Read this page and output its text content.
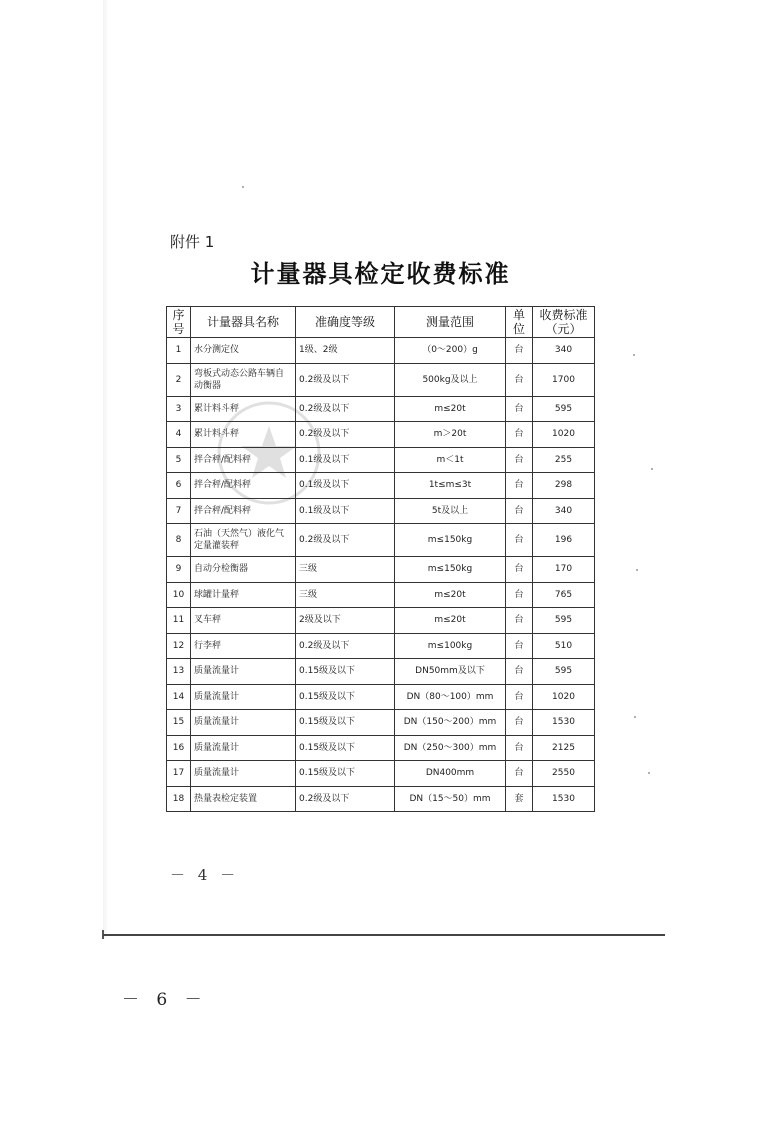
附件 1
计量器具检定收费标准
序号	计量器具名称	准确度等级	测量范围	单位	收费标准（元）
1	水分测定仪	1级、2级	（0～200）g	台	340
2	弯板式动态公路车辆自动衡器	0.2级及以下	500kg及以上	台	1700
3	累计料斗秤	0.2级及以下	m≤20t	台	595
4	累计料斗秤	0.2级及以下	m＞20t	台	1020
5	拌合秤/配料秤	0.1级及以下	m＜1t	台	255
6	拌合秤/配料秤	0.1级及以下	1t≤m≤3t	台	298
7	拌合秤/配料秤	0.1级及以下	5t及以上	台	340
8	石油（天然气）液化气定量灌装秤	0.2级及以下	m≤150kg	台	196
9	自动分检衡器	三级	m≤150kg	台	170
10	球罐计量秤	三级	m≤20t	台	765
11	叉车秤	2级及以下	m≤20t	台	595
12	行李秤	0.2级及以下	m≤100kg	台	510
13	质量流量计	0.15级及以下	DN50mm及以下	台	595
14	质量流量计	0.15级及以下	DN（80～100）mm	台	1020
15	质量流量计	0.15级及以下	DN（150～200）mm	台	1530
16	质量流量计	0.15级及以下	DN（250～300）mm	台	2125
17	质量流量计	0.15级及以下	DN400mm	台	2550
18	热量表检定装置	0.2级及以下	DN（15～50）mm	套	1530
－ 4 －
－ 6 －
